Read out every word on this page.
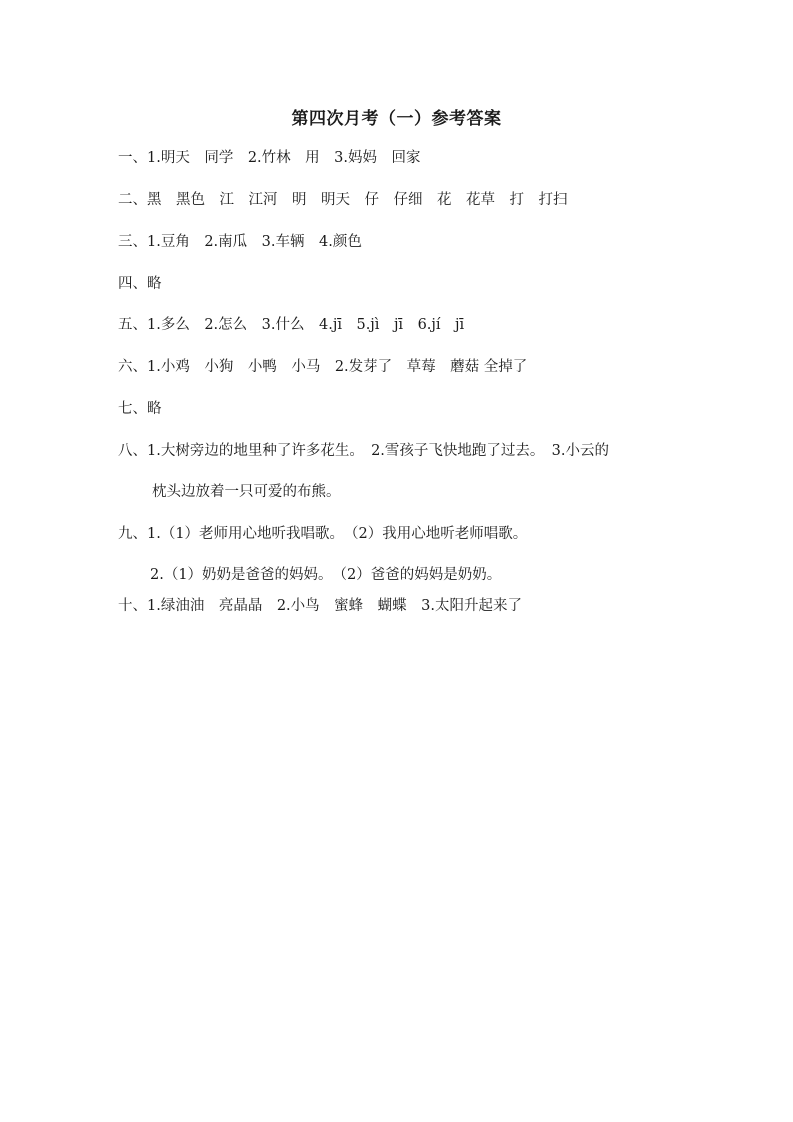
第四次月考（一）参考答案
一、1.明天　同学　2.竹林　用　3.妈妈　回家
二、黑　黑色　江　江河　明　明天　仔　仔细　花　花草　打　打扫
三、1.豆角　2.南瓜　3.车辆　4.颜色
四、略
五、1.多么　2.怎么　3.什么　4.jī　5.jì　jī　6.jí　jī
六、1.小鸡　小狗　小鸭　小马　2.发芽了　草莓　蘑菇 全掉了
七、略
八、1.大树旁边的地里种了许多花生。　2.雪孩子飞快地跑了过去。　3.小云的
枕头边放着一只可爱的布熊。
九、1.（1）老师用心地听我唱歌。　（2）我用心地听老师唱歌。
2.（1）奶奶是爸爸的妈妈。　（2）爸爸的妈妈是奶奶。
十、1.绿油油　亮晶晶　2.小鸟　蜜蜂　蝴蝶　3.太阳升起来了
